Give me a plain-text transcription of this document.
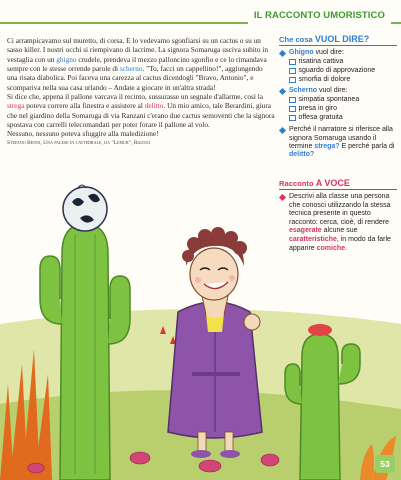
IL RACCONTO UMORISTICO

Ci arrampicavamo sul muretto, di corsa. E lo vedevamo sgonfiarsi su un cactus o su un sasso killer. I nostri occhi si riempivano di lacrime. La signora Somaruga usciva subito in vestaglia con un ghigno crudele, prendeva il mezzo palloncino sgonfio e ce lo rimandava sempre con le stesse orrende parole di scherno. "To, facci un cappellino!", aggiungendo una risata diabolica. Poi faceva una carezza al cactus dicendogli "Bravo, Antonio", e scompariva nella sua casa urlando – Andate a giocare in un'altra strada!

Si dice che, appena il pallone varcava il recinto, sussurasse un segnale d'allarme, così la strega poteva correre alla finestra e assistere al delitto. Un mio amico, tale Berardini, giura che nel giardino della Somaruga di via Ranzani c'erano due cactus semoventi che la signora spostava con carrelli telecomandati per poter forare il pallone al volo.

Nessuno, nessuno poteva sfuggire alla maledizione!

Stefano Benni, Una palese in cattedrale, da "Lemur", Rizzoli

Che cosa VUOL DIRE?
Ghigno vuol dire:
risatina cattiva
sguardo di approvazione
smorfia di dolore
Scherno vuol dire:
simpatia spontanea
presa in giro
offesa gratuita
Perché il narratore si riferisce alla signora Somaruga usando il termine strega? E perché parla di delitto?
Racconto A VOCE
Descrivi alla classe una persona che conosci utilizzando la stessa tecnica presente in questo racconto: cerca, cioè, di rendere esagerate alcune sue caratteristiche, in modo da farle apparire comiche.
53
